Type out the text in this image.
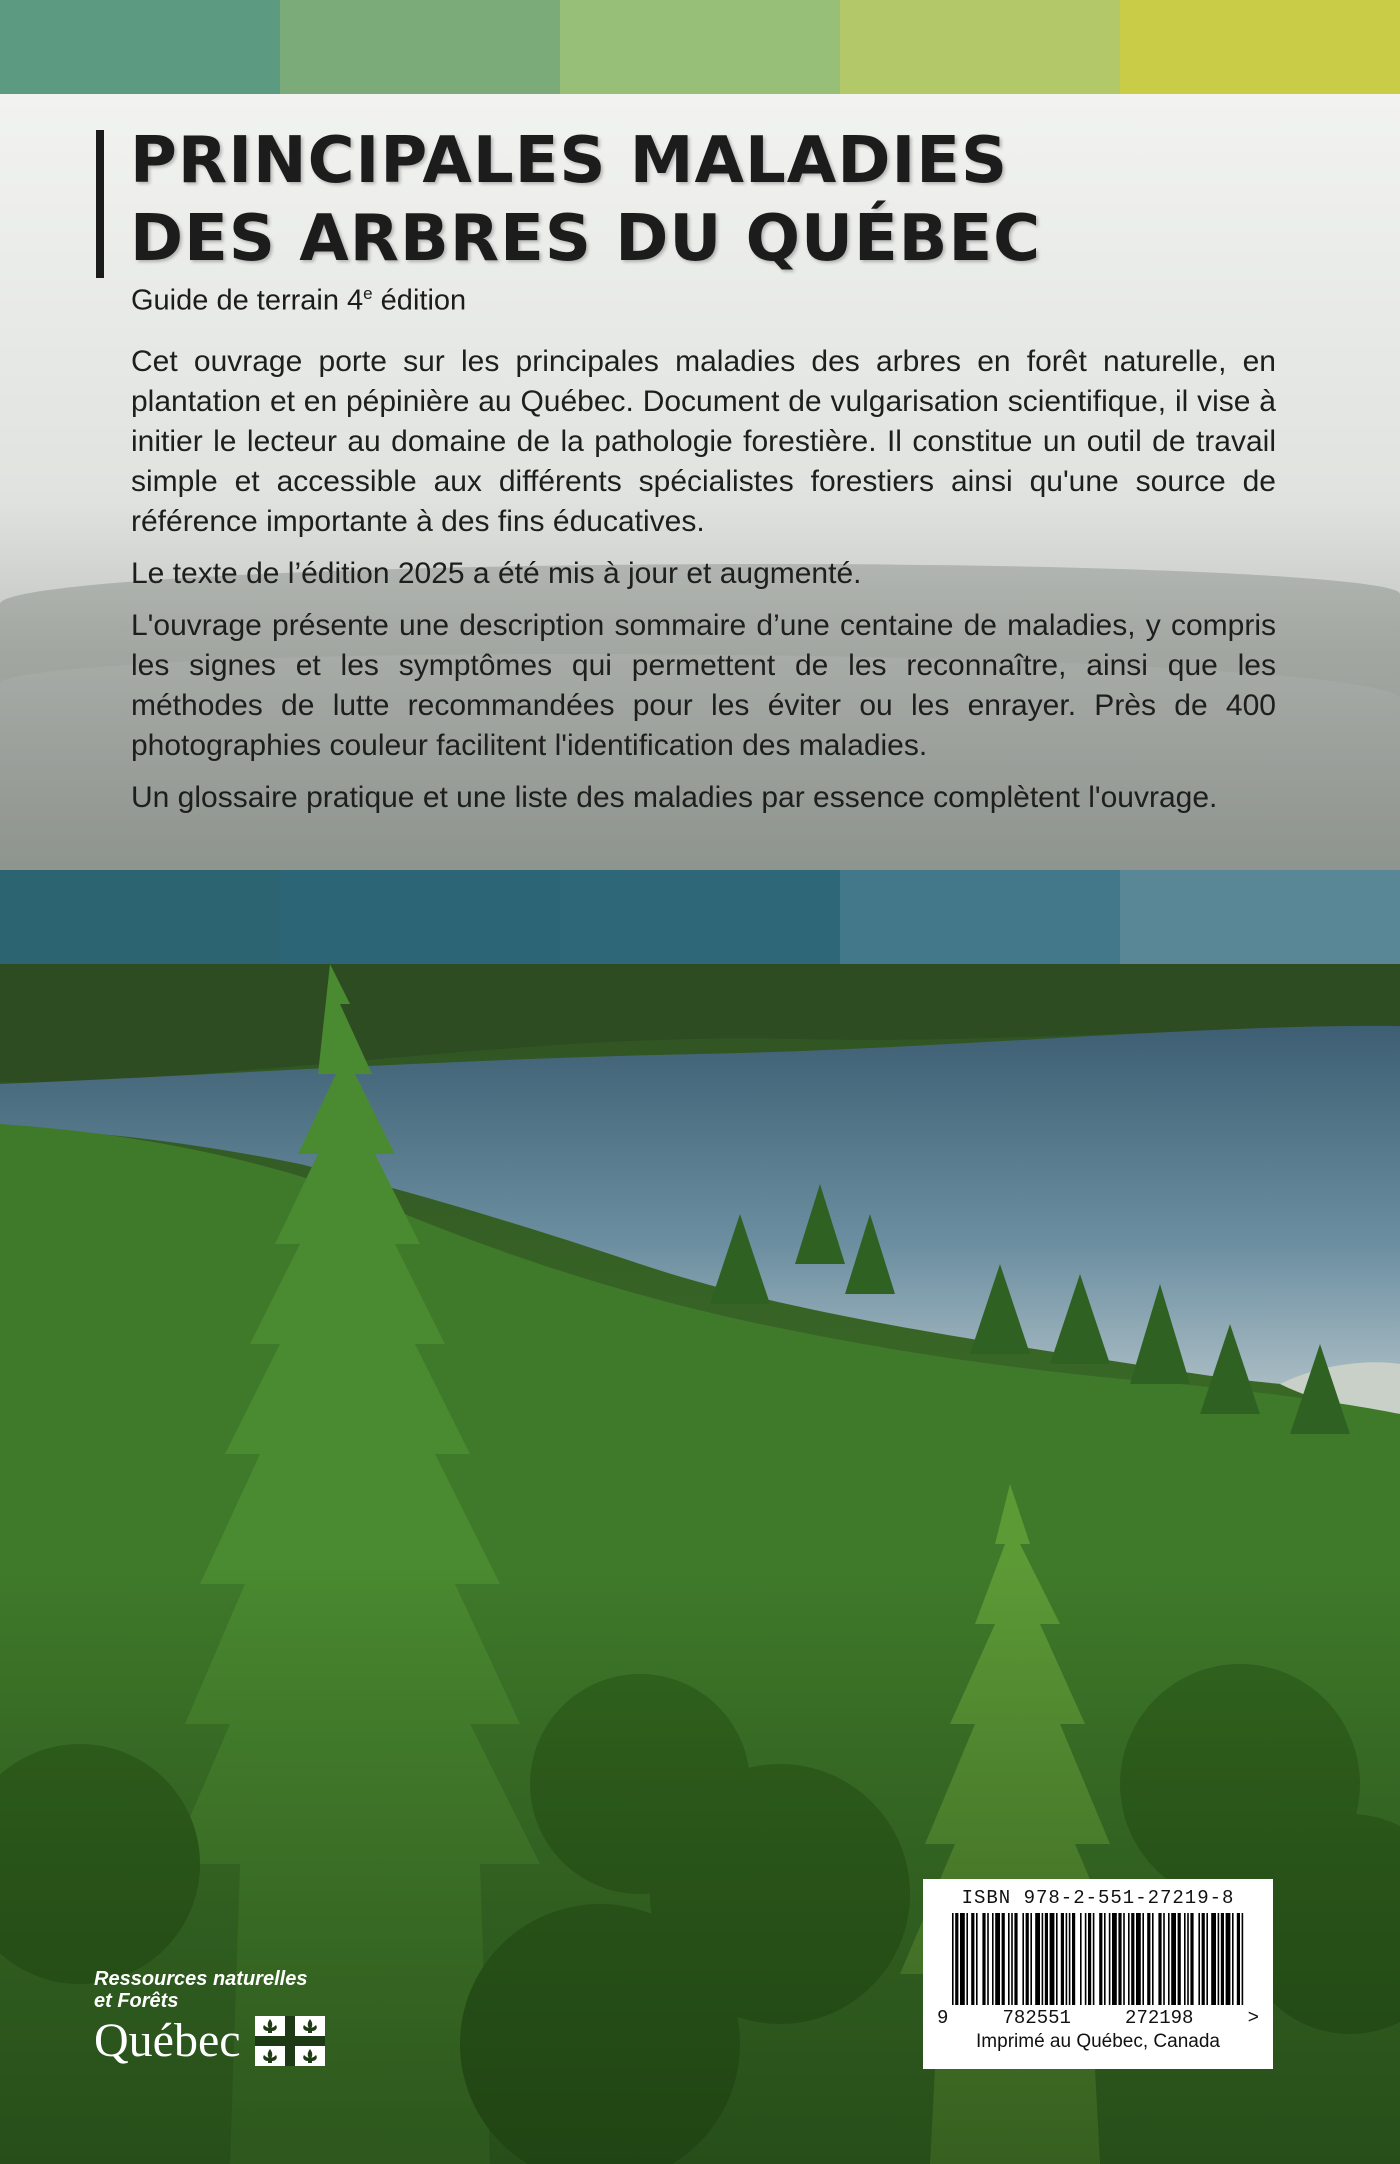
PRINCIPALES MALADIES
DES ARBRES DU QUÉBEC

Guide de terrain 4e édition

Cet ouvrage porte sur les principales maladies des arbres en forêt naturelle, en plantation et en pépinière au Québec. Document de vulgarisation scientifique, il vise à initier le lecteur au domaine de la pathologie forestière. Il constitue un outil de travail simple et accessible aux différents spécialistes forestiers ainsi qu'une source de référence importante à des fins éducatives.

Le texte de l’édition 2025 a été mis à jour et augmenté.

L'ouvrage présente une description sommaire d’une centaine de maladies, y compris les signes et les symptômes qui permettent de les reconnaître, ainsi que les méthodes de lutte recommandées pour les éviter ou les enrayer. Près de 400 photographies couleur facilitent l'identification des maladies.

Un glossaire pratique et une liste des maladies par essence complètent l'ouvrage.

Ressources naturelles
et Forêts
Québec
ISBN 978-2-551-27219-8
9	782551	272198	>
Imprimé au Québec, Canada
